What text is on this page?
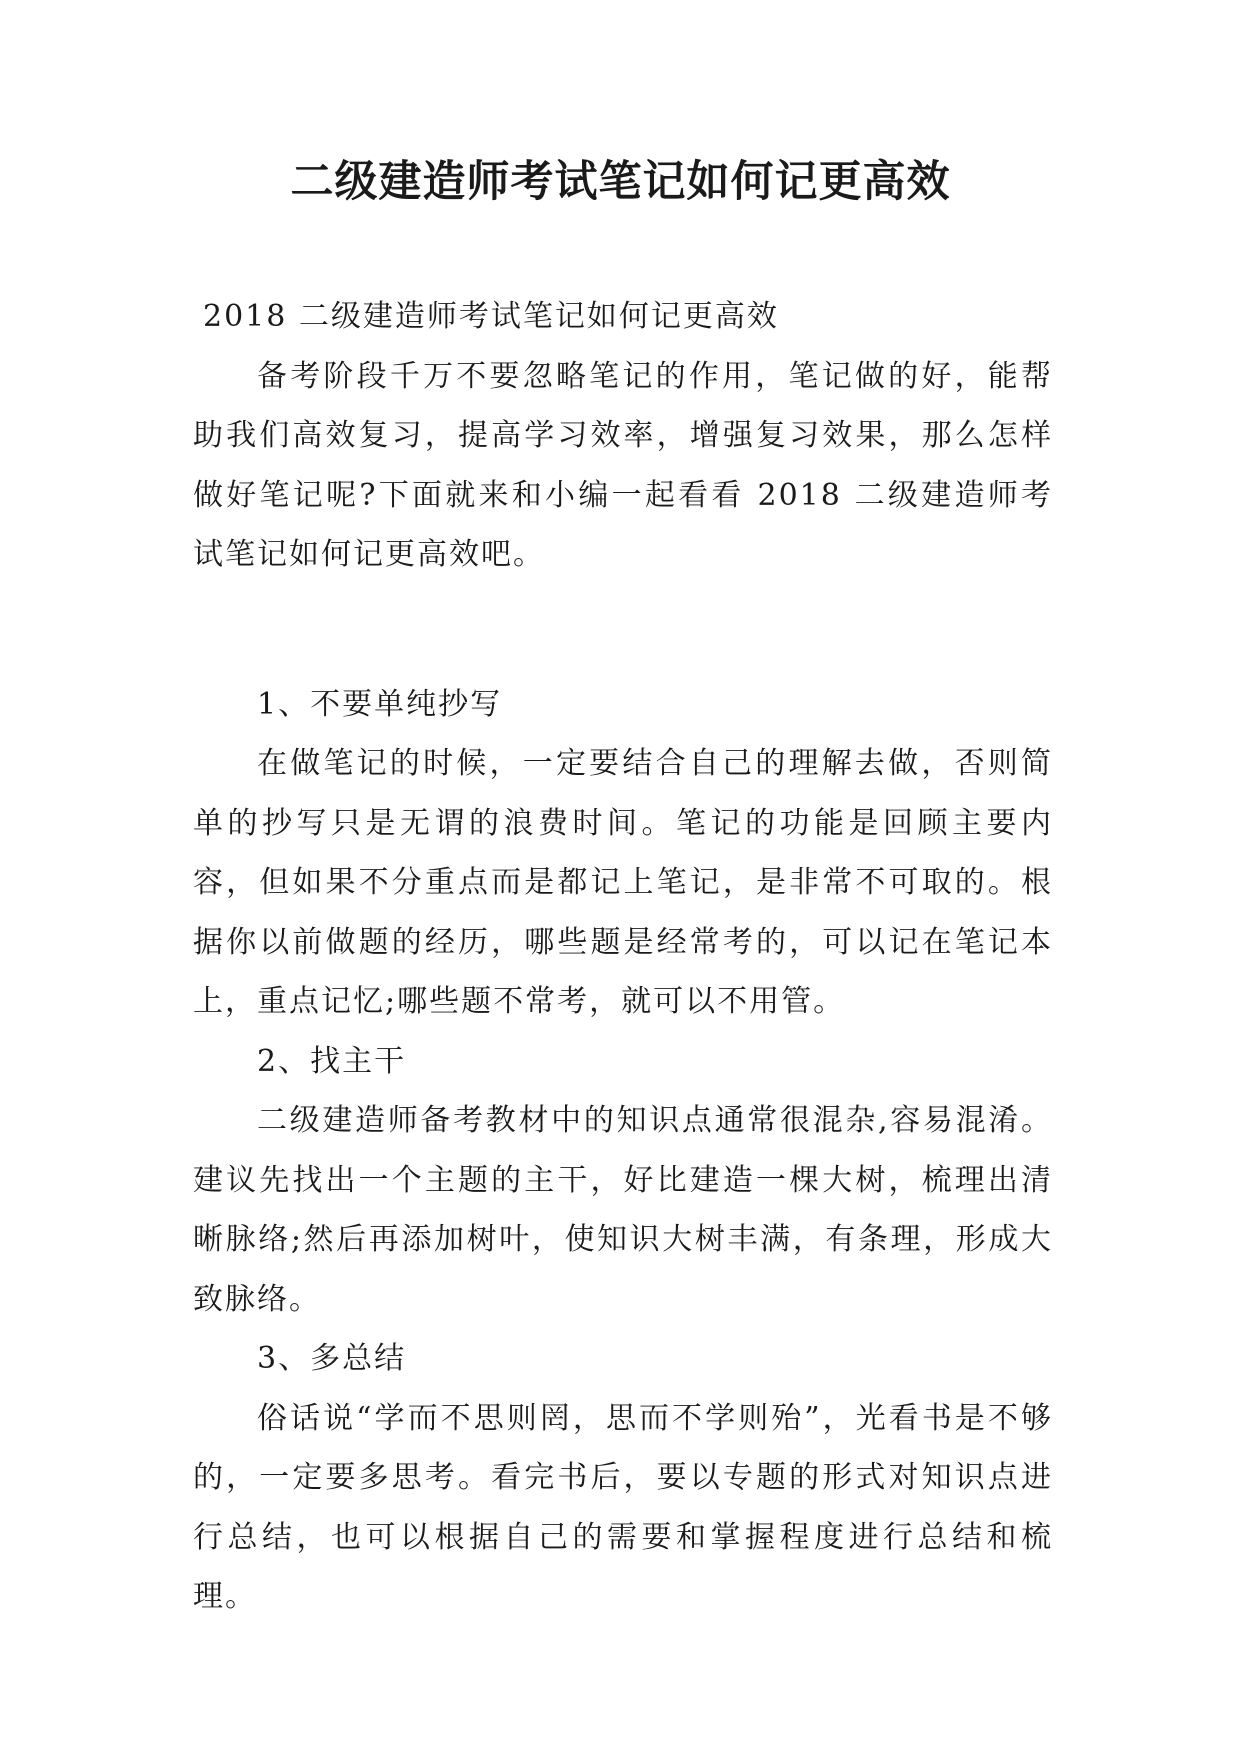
二级建造师考试笔记如何记更高效

2018 二级建造师考试笔记如何记更高效

备考阶段千万不要忽略笔记的作用，笔记做的好，能帮助我们高效复习，提高学习效率，增强复习效果，那么怎样做好笔记呢?下面就来和小编一起看看 2018 二级建造师考试笔记如何记更高效吧。

1、不要单纯抄写

在做笔记的时候，一定要结合自己的理解去做，否则简单的抄写只是无谓的浪费时间。笔记的功能是回顾主要内容，但如果不分重点而是都记上笔记，是非常不可取的。根据你以前做题的经历，哪些题是经常考的，可以记在笔记本上，重点记忆;哪些题不常考，就可以不用管。

2、找主干

二级建造师备考教材中的知识点通常很混杂,容易混淆。建议先找出一个主题的主干，好比建造一棵大树，梳理出清晰脉络;然后再添加树叶，使知识大树丰满，有条理，形成大致脉络。

3、多总结

俗话说“学而不思则罔，思而不学则殆”，光看书是不够的，一定要多思考。看完书后，要以专题的形式对知识点进行总结，也可以根据自己的需要和掌握程度进行总结和梳理。
